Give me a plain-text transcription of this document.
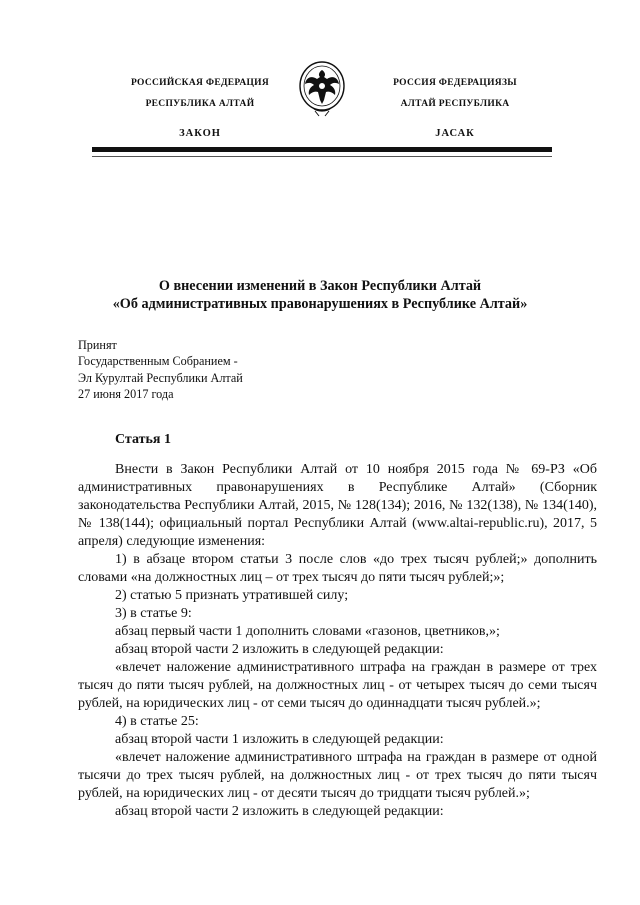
РОССИЙСКАЯ ФЕДЕРАЦИЯ
РЕСПУБЛИКА АЛТАЙ
ЗАКОН
РОССИЯ ФЕДЕРАЦИЯЗЫ
АЛТАЙ РЕСПУБЛИКА
JАСАК
О внесении изменений в Закон Республики Алтай
«Об административных правонарушениях в Республике Алтай»
Принят
Государственным Собранием -
Эл Курултай Республики Алтай
27 июня 2017 года
Статья 1

Внести в Закон Республики Алтай от 10 ноября 2015 года № 69-РЗ «Об административных правонарушениях в Республике Алтай» (Сборник законодательства Республики Алтай, 2015, № 128(134); 2016, № 132(138), № 134(140), № 138(144); официальный портал Республики Алтай (www.altai-republic.ru), 2017, 5 апреля) следующие изменения:

1) в абзаце втором статьи 3 после слов «до трех тысяч рублей;» дополнить словами «на должностных лиц – от трех тысяч до пяти тысяч рублей;»;

2) статью 5 признать утратившей силу;

3) в статье 9:

абзац первый части 1 дополнить словами «газонов, цветников,»;

абзац второй части 2 изложить в следующей редакции:

«влечет наложение административного штрафа на граждан в размере от трех тысяч до пяти тысяч рублей, на должностных лиц - от четырех тысяч до семи тысяч рублей, на юридических лиц - от семи тысяч до одиннадцати тысяч рублей.»;

4) в статье 25:

абзац второй части 1 изложить в следующей редакции:

«влечет наложение административного штрафа на граждан в размере от одной тысячи до трех тысяч рублей, на должностных лиц - от трех тысяч до пяти тысяч рублей, на юридических лиц - от десяти тысяч до тридцати тысяч рублей.»;

абзац второй части 2 изложить в следующей редакции:
